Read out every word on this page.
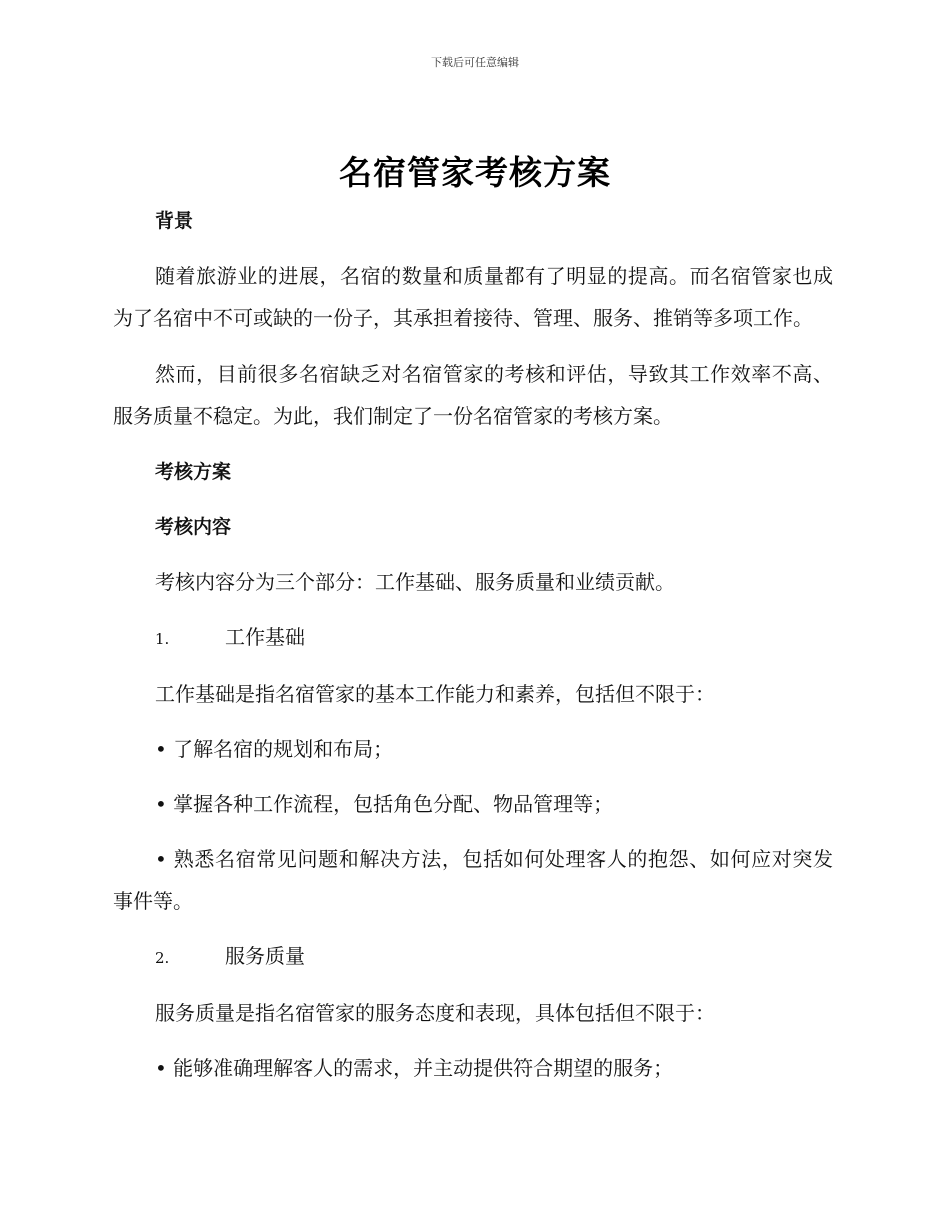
下载后可任意编辑
名宿管家考核方案

背景

随着旅游业的进展，名宿的数量和质量都有了明显的提高。而名宿管家也成为了名宿中不可或缺的一份子，其承担着接待、管理、服务、推销等多项工作。

然而，目前很多名宿缺乏对名宿管家的考核和评估，导致其工作效率不高、服务质量不稳定。为此，我们制定了一份名宿管家的考核方案。

考核方案

考核内容

考核内容分为三个部分：工作基础、服务质量和业绩贡献。

1.	工作基础

工作基础是指名宿管家的基本工作能力和素养，包括但不限于：

• 了解名宿的规划和布局；

• 掌握各种工作流程，包括角色分配、物品管理等；

• 熟悉名宿常见问题和解决方法，包括如何处理客人的抱怨、如何应对突发事件等。

2.	服务质量

服务质量是指名宿管家的服务态度和表现，具体包括但不限于：

• 能够准确理解客人的需求，并主动提供符合期望的服务；
